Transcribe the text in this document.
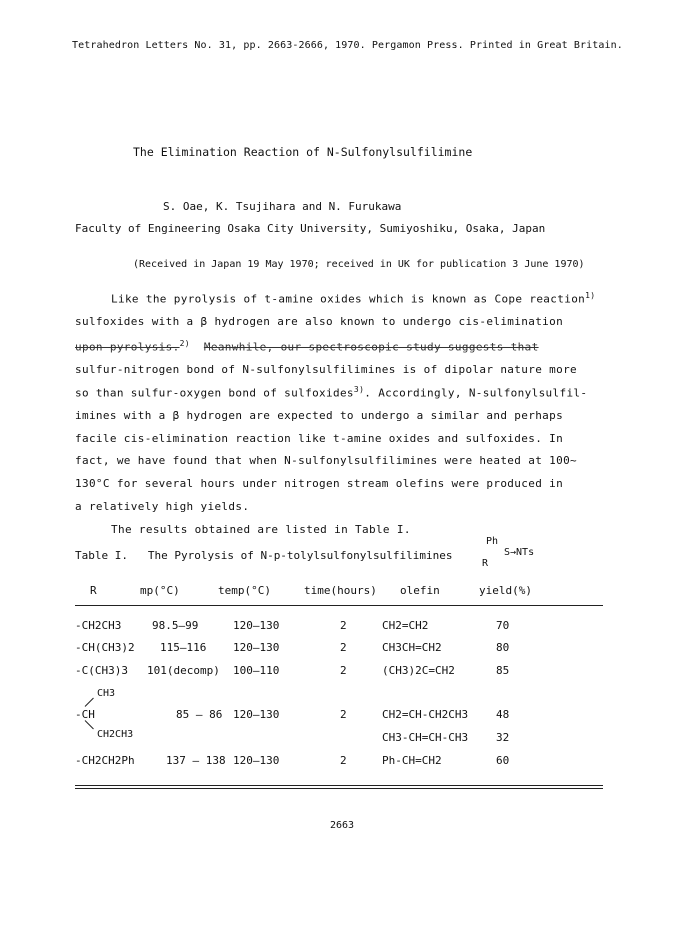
Tetrahedron Letters No. 31, pp. 2663-2666, 1970. Pergamon Press. Printed in Great Britain.
The Elimination Reaction of N-Sulfonylsulfilimine
S. Oae, K. Tsujihara and N. Furukawa
Faculty of Engineering Osaka City University, Sumiyoshiku, Osaka, Japan
(Received in Japan 19 May 1970; received in UK for publication 3 June 1970)
Like the pyrolysis of t-amine oxides which is known as Cope reaction$^{1)}$
sulfoxides with a β hydrogen are also known to undergo cis-elimination
upon pyrolysis.$^{2)}$ Meanwhile, our spectroscopic study suggests that
sulfur-nitrogen bond of N-sulfonylsulfilimines is of dipolar nature more
so than sulfur-oxygen bond of sulfoxides$^{3)}$. Accordingly, N-sulfonylsulfil-
imines with a β hydrogen are expected to undergo a similar and perhaps
facile cis-elimination reaction like t-amine oxides and sulfoxides. In
fact, we have found that when N-sulfonylsulfilimines were heated at 100~
130°C for several hours under nitrogen stream olefins were produced in
a relatively high yields.
The results obtained are listed in Table I.
Table I. The Pyrolysis of N-p-tolylsulfonylsulfilimines
Ph
S→NTs
R
R	mp(°C)	temp(°C)	time(hours) olefin	yield(%)
-CH2CH3	98.5—99	120—130	2	CH2=CH2	70
-CH(CH3)2 115—116 120—130	2	CH3CH=CH2	80
-C(CH3)3 101(decomp) 100—110	2	(CH3)2C=CH2	85
CH3
-CH
CH2CH3
85 — 86 120—130	2	CH2=CH-CH2CH3	48
CH3-CH=CH-CH3	32
-CH2CH2Ph	137 — 138 120—130	2	Ph-CH=CH2	60
2663
